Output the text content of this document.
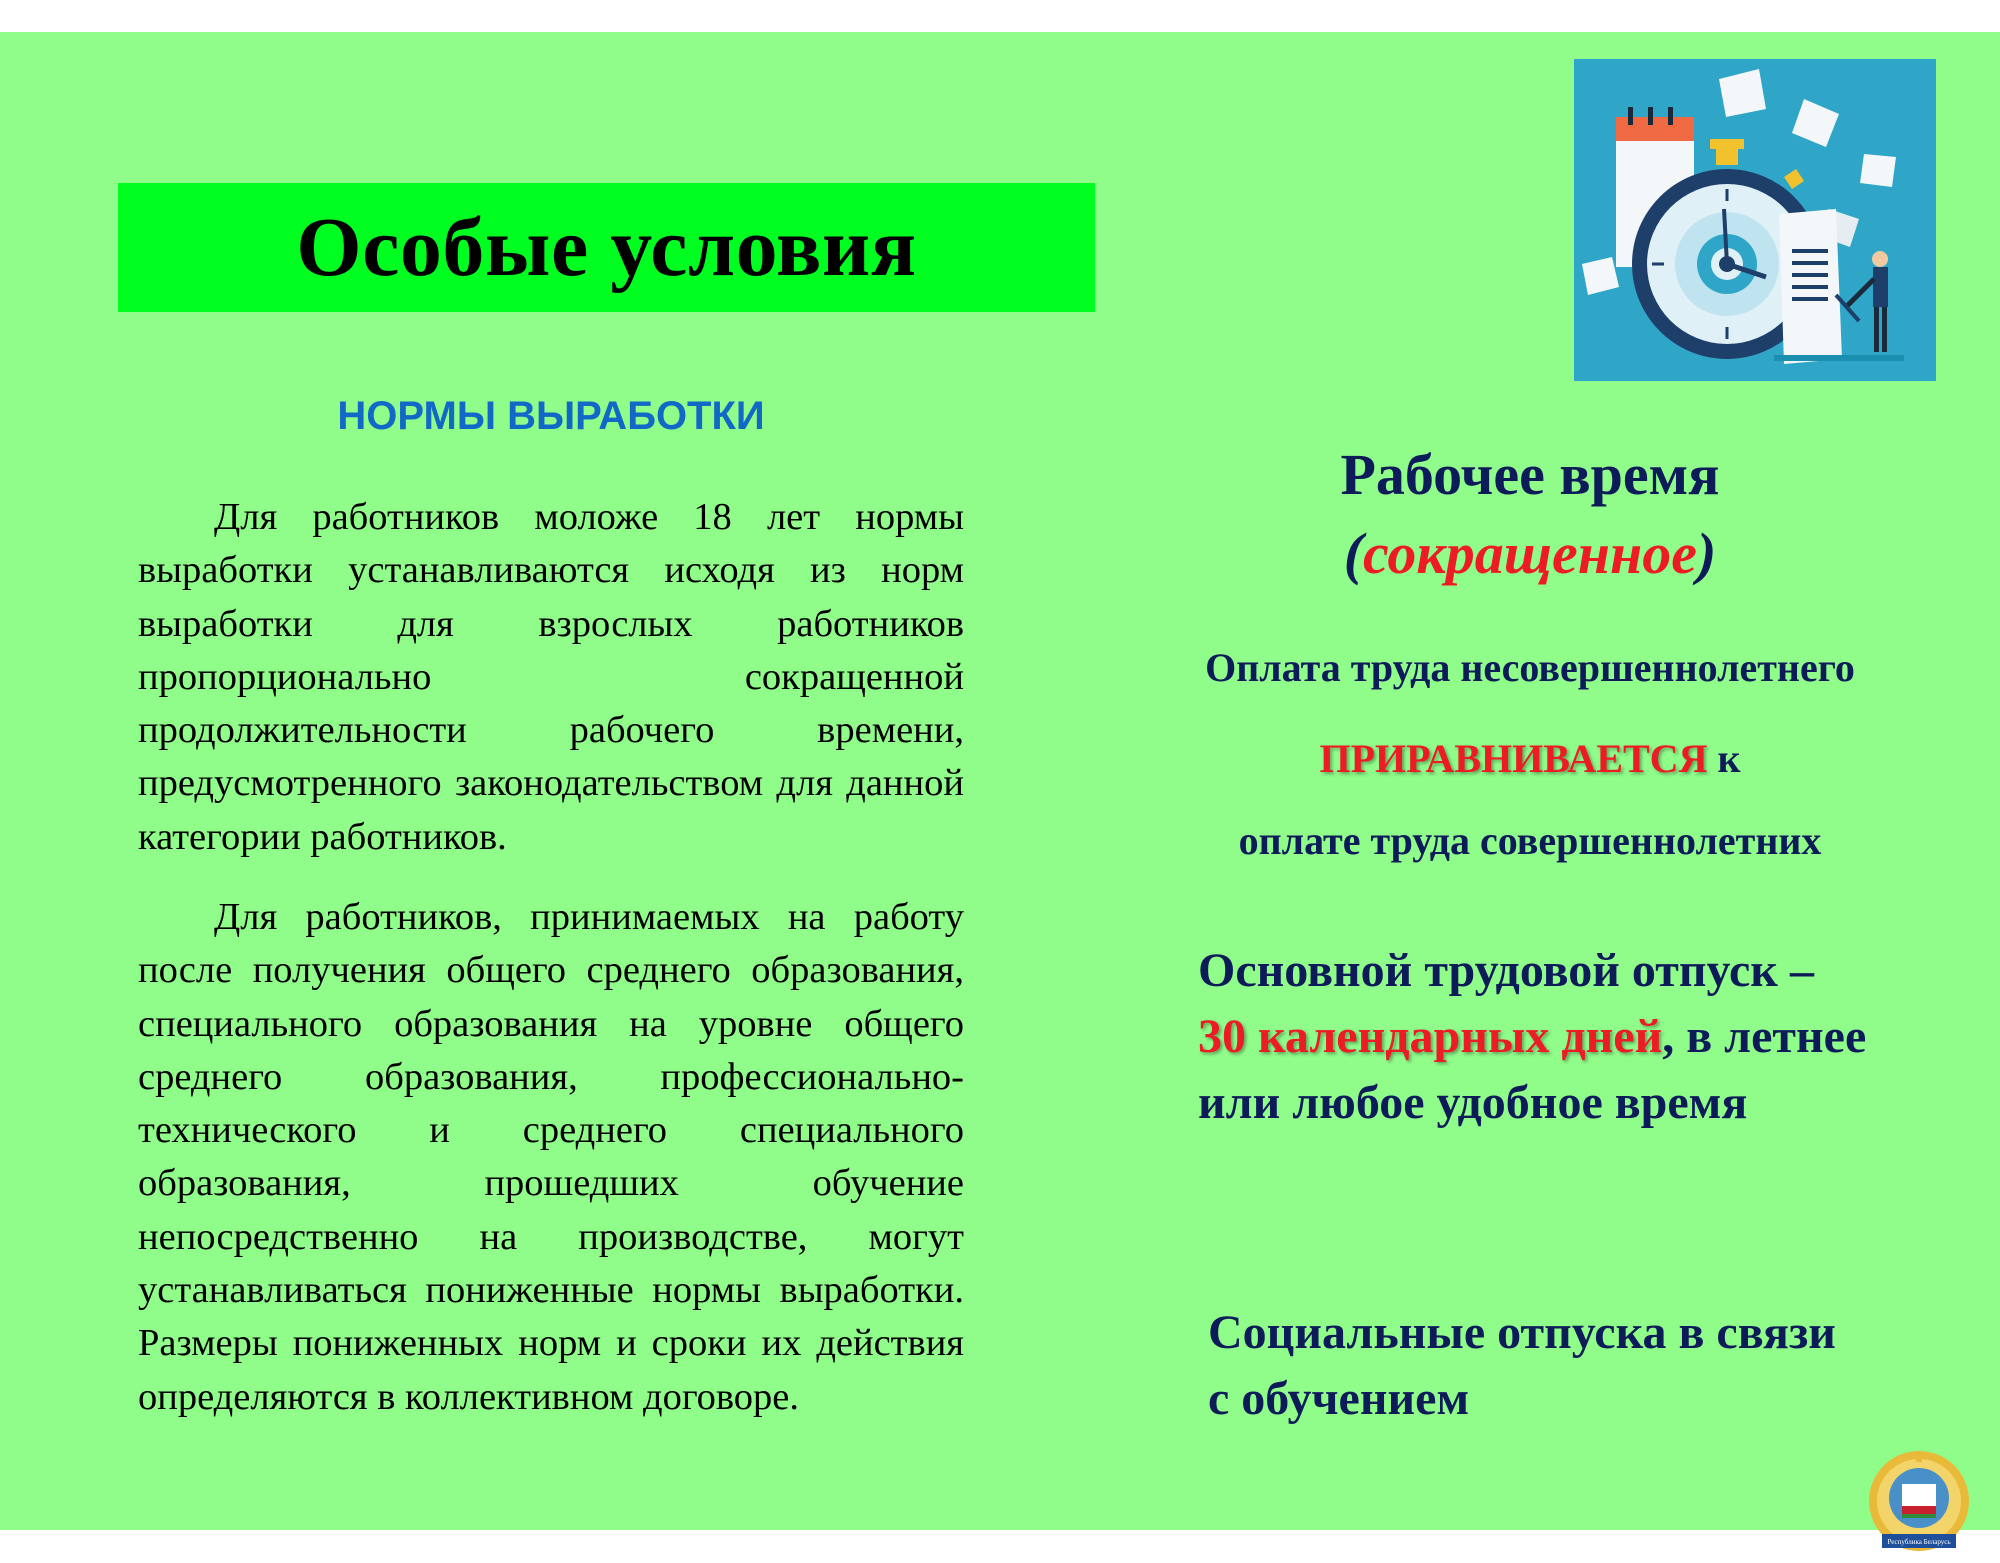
Особые условия
НОРМЫ ВЫРАБОТКИ

Для работников моложе 18 лет нормы выработки устанавливаются исходя из норм выработки для взрослых работников пропорционально сокращенной продолжительности рабочего времени, предусмотренного законодательством для данной категории работников.

Для работников, принимаемых на работу после получения общего среднего образования, специального образования на уровне общего среднего образования, профессионально-технического и среднего специального образования, прошедших обучение непосредственно на производстве, могут устанавливаться пониженные нормы выработки. Размеры пониженных норм и сроки их действия определяются в коллективном договоре.

Рабочее время
(сокращенное)
Оплата труда несовершеннолетнего
ПРИРАВНИВАЕТСЯ к
оплате труда совершеннолетних

Основной трудовой отпуск –
30 календарных дней, в летнее или любое удобное время

Социальные отпуска в связи с обучением

Республика Беларусь
